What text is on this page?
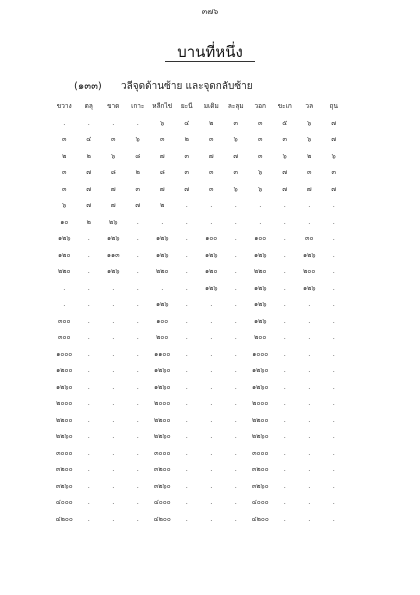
๓๗๖
บานที่หนึ่ง
(๑๓๓) วลีจุดด้านซ้าย และจุดกลับซ้าย
ขวาง	ตลุ	ขาด	เกาะ	หลีกไข่	ยะนี	มเดิม	ละลุม	วอก	ขะเก	วล	ถุน
.	.	.	.	๖	๔	๒	๓	๓	๕	๖	๗
๓	๔	๓	๖	๓	๒	๓	๖	๓	๓	๖	๗
๒	๒	๖	๘	๗	๓	๗	๗	๓	๖	๒	๖
๓	๗	๘	๒	๘	๓	๓	๓	๖	๗	๓	๓
๓	๗	๗	๓	๗	๗	๓	๖	๖	๗	๗	๗
๖	๗	๗	๗	๒	.	.	.	.	.	.	.
๑๐	๒	๒๖	.	.	.	.	.	.	.	.	.
๑๒๖	.	๑๒๖	.	๑๒๖	.	๑๐๐	.	๑๐๐	.	๓๐	.
๑๒๐	.	๑๑๓	.	๑๒๖	.	๑๒๖	.	๑๒๖	.	๑๒๖	.
๒๒๐	.	๑๒๖	.	๒๒๐	.	๑๒๐	.	๒๒๐	.	๒๐๐	.
.	.	.	.	.	.	๑๒๖	.	๑๒๖	.	๑๒๖	.
.	.	.	.	๑๒๖	.	.	.	๑๒๖	.	.	.
๓๐๐	.	.	.	๑๐๐	.	.	.	๑๒๖	.	.	.
๓๐๐	.	.	.	๒๐๐	.	.	.	๒๐๐	.	.	.
๑๐๐๐	.	.	.	๑๑๐๐	.	.	.	๑๐๐๐	.	.	.
๑๒๐๐	.	.	.	๑๒๖๐	.	.	.	๑๒๖๐	.	.	.
๑๒๖๐	.	.	.	๑๒๖๐	.	.	.	๑๒๖๐	.	.	.
๒๐๐๐	.	.	.	๒๐๐๐	.	.	.	๒๐๐๐	.	.	.
๒๒๐๐	.	.	.	๒๒๐๐	.	.	.	๒๒๐๐	.	.	.
๒๒๖๐	.	.	.	๒๒๖๐	.	.	.	๒๒๖๐	.	.	.
๓๐๐๐	.	.	.	๓๐๐๐	.	.	.	๓๐๐๐	.	.	.
๓๒๐๐	.	.	.	๓๒๐๐	.	.	.	๓๒๐๐	.	.	.
๓๒๖๐	.	.	.	๓๒๖๐	.	.	.	๓๒๖๐	.	.	.
๔๐๐๐	.	.	.	๔๐๐๐	.	.	.	๔๐๐๐	.	.	.
๔๒๐๐	.	.	.	๔๒๐๐	.	.	.	๔๒๐๐	.	.	.
